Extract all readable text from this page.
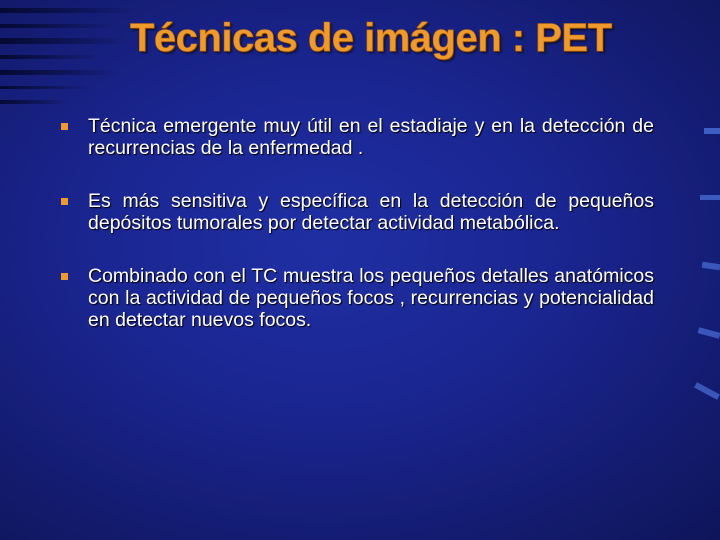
Técnicas de imágen : PET
Técnica emergente muy útil en el estadiaje y en la detección de recurrencias de la enfermedad .
Es más sensitiva y específica en la detección de pequeños depósitos tumorales por detectar actividad metabólica.
Combinado con el TC muestra los pequeños detalles anatómicos con la actividad de pequeños focos , recurrencias y potencialidad en detectar nuevos focos.
